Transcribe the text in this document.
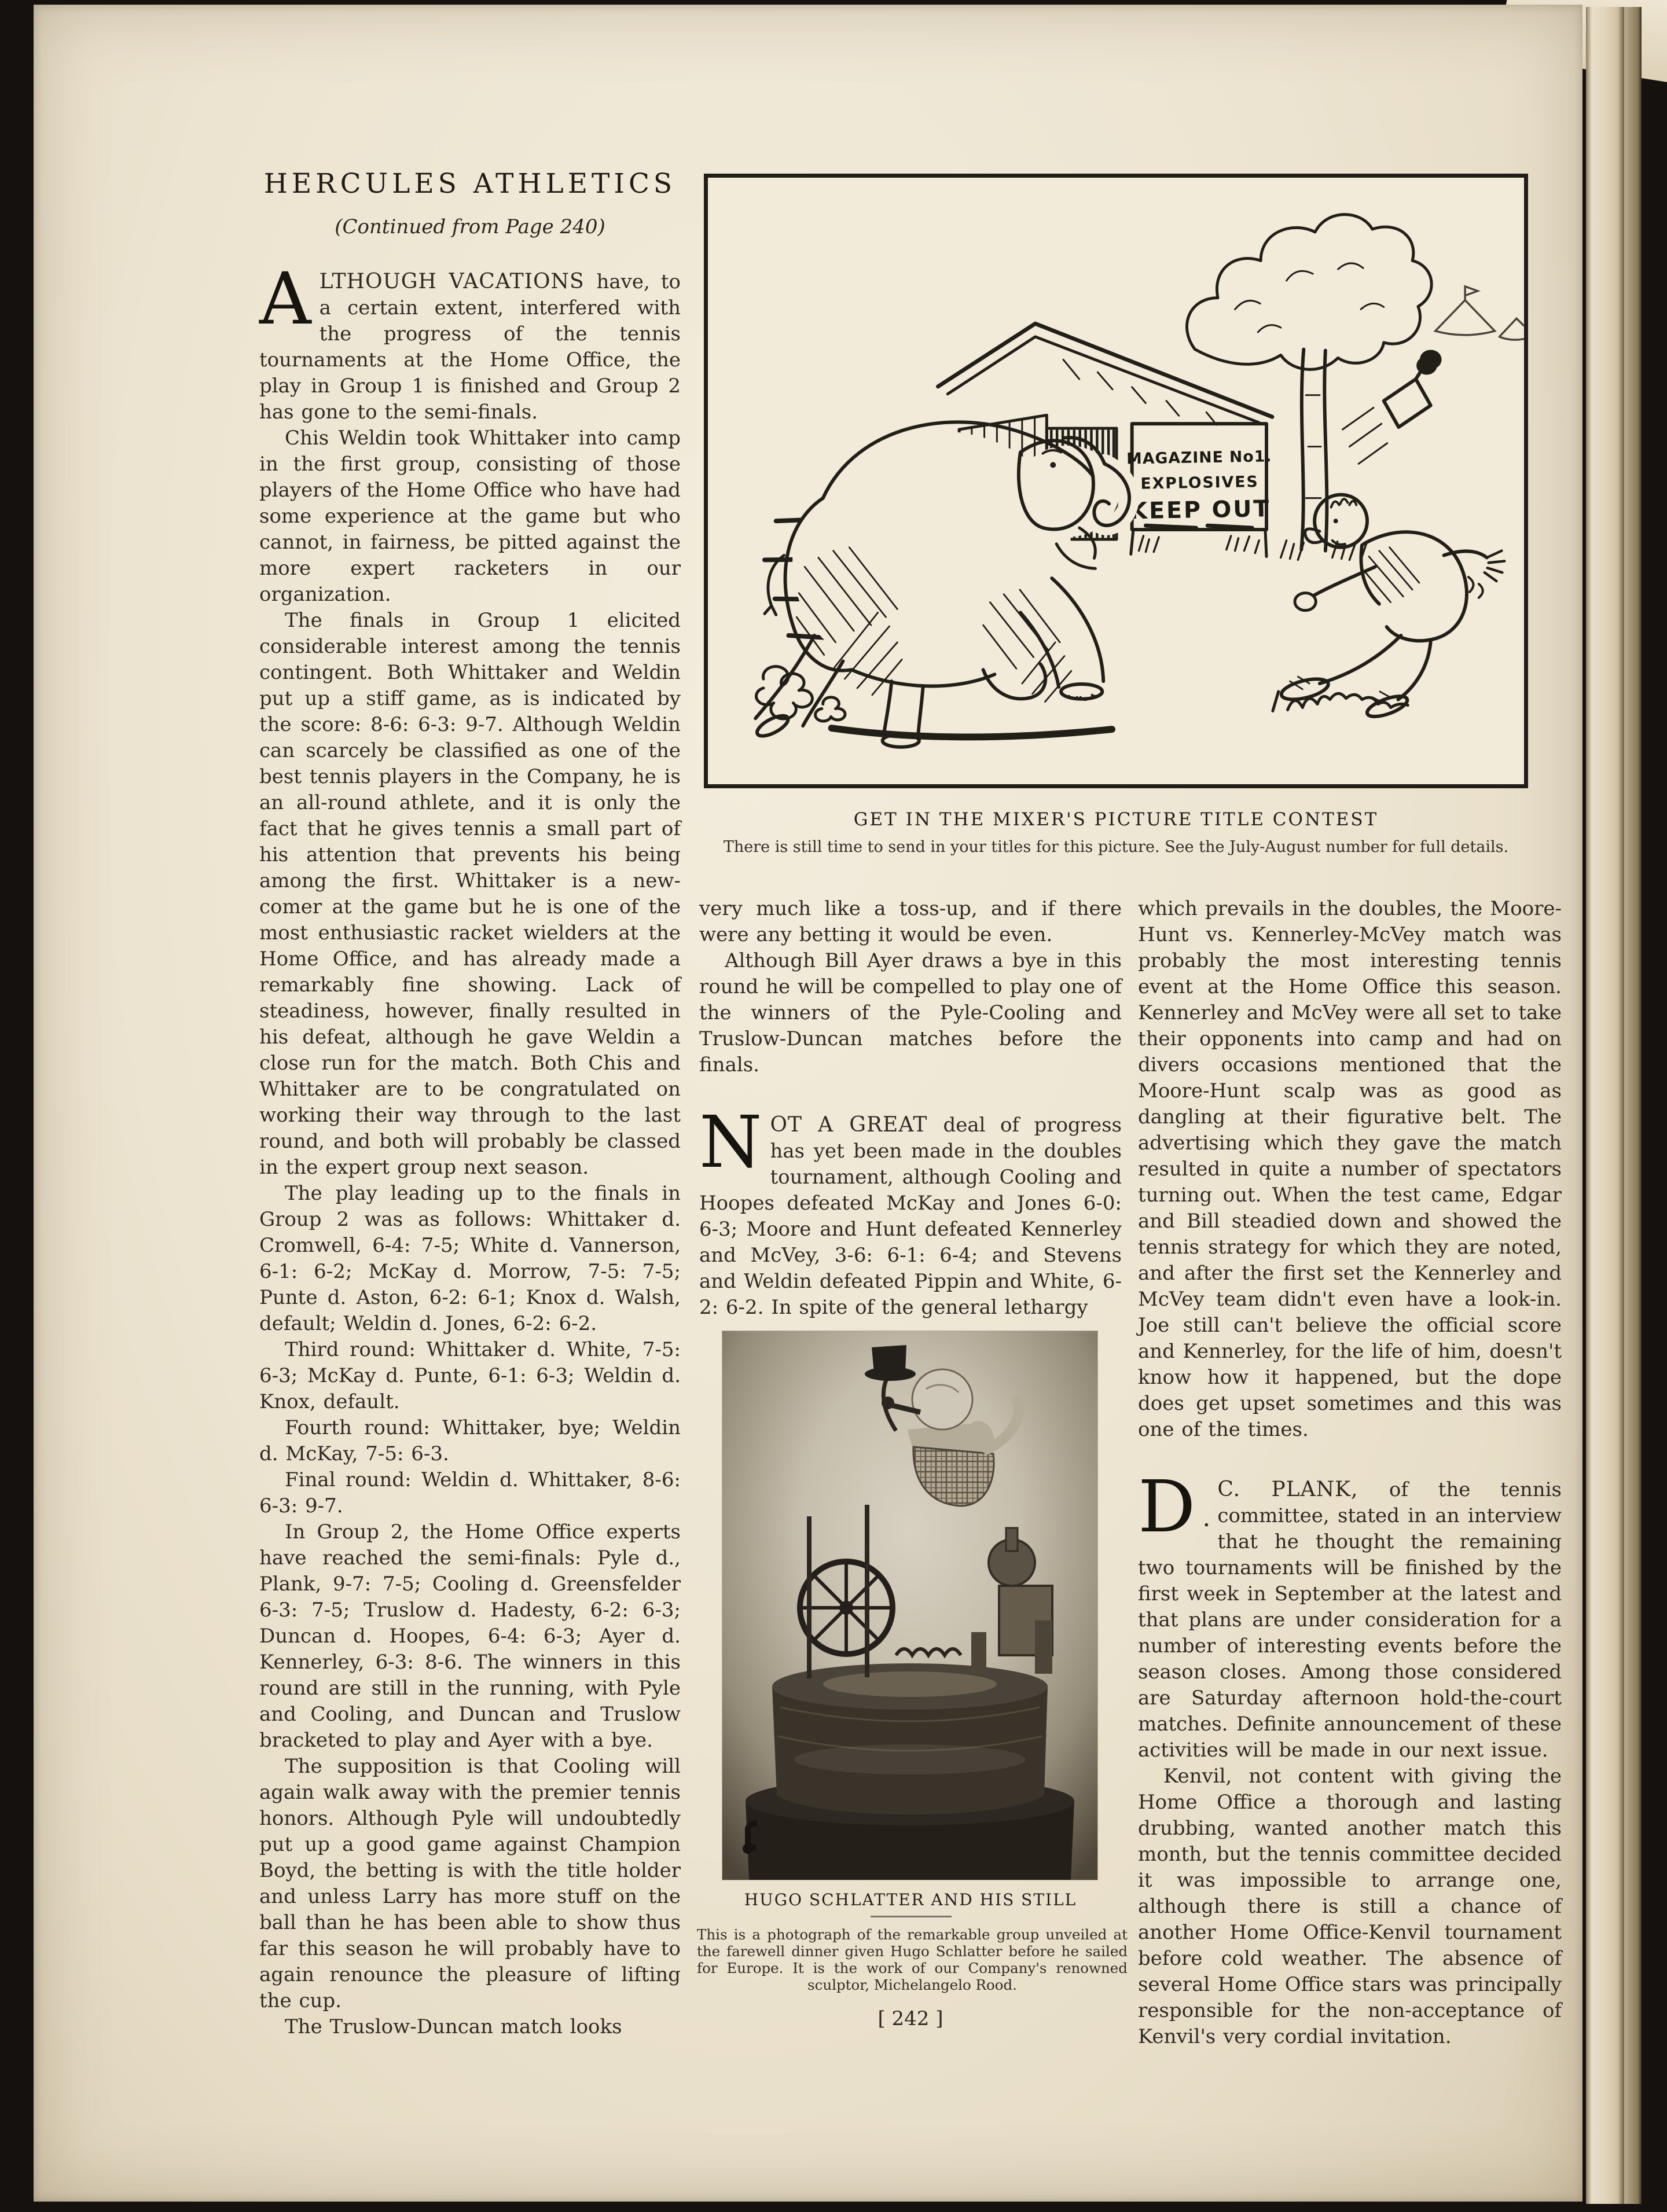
HERCULES ATHLETICS
(Continued from Page 240)

ALTHOUGH VACATIONS have, to a certain extent, interfered with the progress of the tennis tournaments at the Home Office, the play in Group 1 is finished and Group 2 has gone to the semi-finals.

Chis Weldin took Whittaker into camp in the first group, consisting of those players of the Home Office who have had some experience at the game but who cannot, in fairness, be pitted against the more expert racketers in our organization.

The finals in Group 1 elicited considerable interest among the tennis contingent. Both Whittaker and Weldin put up a stiff game, as is indicated by the score: 8-6: 6-3: 9-7. Although Weldin can scarcely be classified as one of the best tennis players in the Company, he is an all-round athlete, and it is only the fact that he gives tennis a small part of his attention that prevents his being among the first. Whittaker is a new-comer at the game but he is one of the most enthusiastic racket wielders at the Home Office, and has already made a remarkably fine showing. Lack of steadiness, however, finally resulted in his defeat, although he gave Weldin a close run for the match. Both Chis and Whittaker are to be congratulated on working their way through to the last round, and both will probably be classed in the expert group next season.

The play leading up to the finals in Group 2 was as follows: Whittaker d. Cromwell, 6-4: 7-5; White d. Vannerson, 6-1: 6-2; McKay d. Morrow, 7-5: 7-5; Punte d. Aston, 6-2: 6-1; Knox d. Walsh, default; Weldin d. Jones, 6-2: 6-2.

Third round: Whittaker d. White, 7-5: 6-3; McKay d. Punte, 6-1: 6-3; Weldin d. Knox, default.

Fourth round: Whittaker, bye; Weldin d. McKay, 7-5: 6-3.

Final round: Weldin d. Whittaker, 8-6: 6-3: 9-7.

In Group 2, the Home Office experts have reached the semi-finals: Pyle d., Plank, 9-7: 7-5; Cooling d. Greensfelder 6-3: 7-5; Truslow d. Hadesty, 6-2: 6-3; Duncan d. Hoopes, 6-4: 6-3; Ayer d. Kennerley, 6-3: 8-6. The winners in this round are still in the running, with Pyle and Cooling, and Duncan and Truslow bracketed to play and Ayer with a bye.

The supposition is that Cooling will again walk away with the premier tennis honors. Although Pyle will undoubtedly put up a good game against Champion Boyd, the betting is with the title holder and unless Larry has more stuff on the ball than he has been able to show thus far this season he will probably have to again renounce the pleasure of lifting the cup.

The Truslow-Duncan match looks

MAGAZINE No1.
EXPLOSIVES
KEEP OUT
GET IN THE MIXER'S PICTURE TITLE CONTEST
There is still time to send in your titles for this picture. See the July-August number for full details.

very much like a toss-up, and if there were any betting it would be even.

Although Bill Ayer draws a bye in this round he will be compelled to play one of the winners of the Pyle-Cooling and Truslow-Duncan matches before the finals.

NOT A GREAT deal of progress has yet been made in the doubles tournament, although Cooling and Hoopes defeated McKay and Jones 6-0: 6-3; Moore and Hunt defeated Kennerley and McVey, 3-6: 6-1: 6-4; and Stevens and Weldin defeated Pippin and White, 6-2: 6-2. In spite of the general lethargy

HUGO SCHLATTER AND HIS STILL
This is a photograph of the remarkable group unveiled at the farewell dinner given Hugo Schlatter before he sailed for Europe. It is the work of our Company's renowned sculptor, Michelangelo Rood.

which prevails in the doubles, the Moore-Hunt vs. Kennerley-McVey match was probably the most interesting tennis event at the Home Office this season. Kennerley and McVey were all set to take their opponents into camp and had on divers occasions mentioned that the Moore-Hunt scalp was as good as dangling at their figurative belt. The advertising which they gave the match resulted in quite a number of spectators turning out. When the test came, Edgar and Bill steadied down and showed the tennis strategy for which they are noted, and after the first set the Kennerley and McVey team didn't even have a look-in. Joe still can't believe the official score and Kennerley, for the life of him, doesn't know how it happened, but the dope does get upset sometimes and this was one of the times.

D .
C. PLANK, of the tennis committee, stated in an interview that he thought the remaining two tournaments will be finished by the first week in September at the latest and that plans are under consideration for a number of interesting events before the season closes. Among those considered are Saturday afternoon hold-the-court matches. Definite announcement of these activities will be made in our next issue.

Kenvil, not content with giving the Home Office a thorough and lasting drubbing, wanted another match this month, but the tennis committee decided it was impossible to arrange one, although there is still a chance of another Home Office-Kenvil tournament before cold weather. The absence of several Home Office stars was principally responsible for the non-acceptance of Kenvil's very cordial invitation.

[ 242 ]
